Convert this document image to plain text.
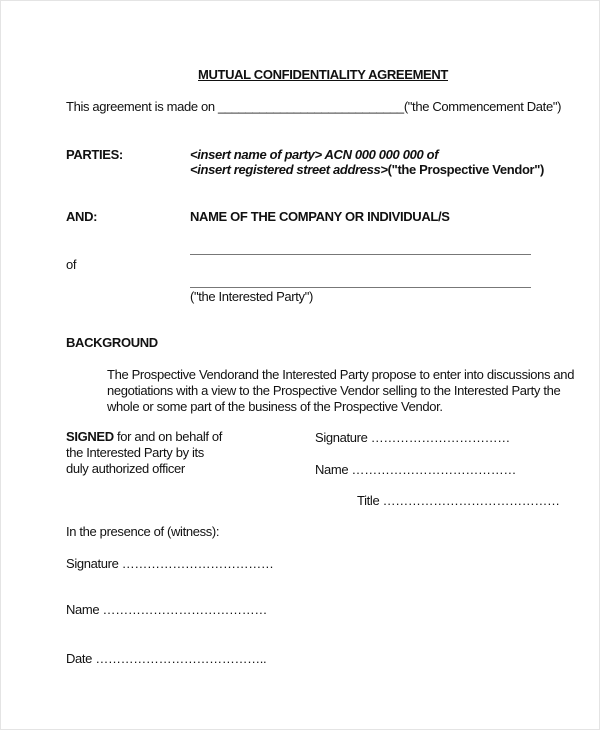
MUTUAL CONFIDENTIALITY AGREEMENT
This agreement is made on ___________________________("the Commencement Date")
PARTIES:	<insert name of party> ACN 000 000 000 of
<insert registered street address>("the Prospective Vendor")
AND:	NAME OF THE COMPANY OR INDIVIDUAL/S
of
("the Interested Party")
BACKGROUND
The Prospective Vendorand the Interested Party propose to enter into discussions and
negotiations with a view to the Prospective Vendor selling to the Interested Party the
whole or some part of the business of the Prospective Vendor.
SIGNED for and on behalf of
the Interested Party by its
duly authorized officer
Signature ……………………………
Name …………………………………
Title ……………………………………
In the presence of (witness):
Signature ………………………………
Name …………………………………
Date …………………………………..
